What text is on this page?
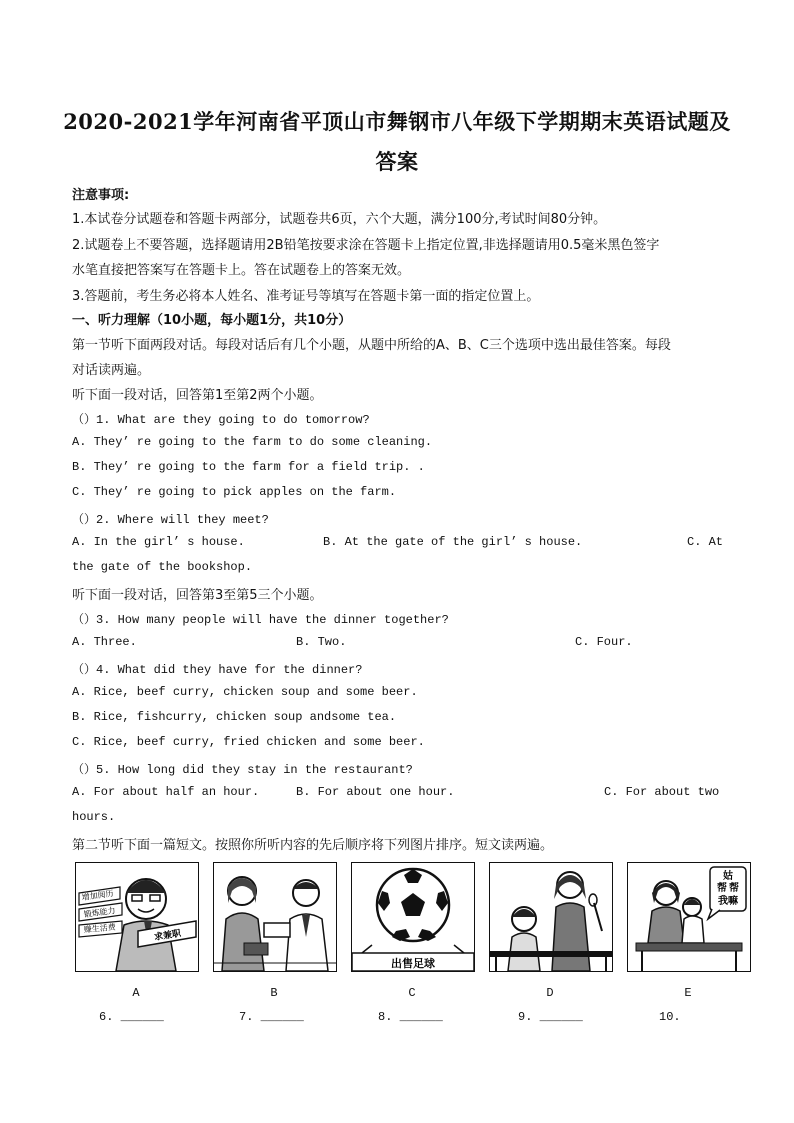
2020-2021学年河南省平顶山市舞钢市八年级下学期期末英语试题及
答案
注意事项:
1.本试卷分试题卷和答题卡两部分，试题卷共6页，六个大题，满分100分,考试时间80分钟。
2.试题卷上不要答题，选择题请用2B铅笔按要求涂在答题卡上指定位置,非选择题请用0.5毫米黑色签字
水笔直接把答案写在答题卡上。答在试题卷上的答案无效。
3.答题前，考生务必将本人姓名、准考证号等填写在答题卡第一面的指定位置上。
一、听力理解（10小题，每小题1分，共10分）
第一节听下面两段对话。每段对话后有几个小题，从题中所给的A、B、C三个选项中选出最佳答案。每段
对话读两遍。
听下面一段对话，回答第1至第2两个小题。
（）1. What are they going to do tomorrow?
A. They’ re going to the farm to do some cleaning.
B. They’ re going to the farm for a field trip. .
C. They’ re going to pick apples on the farm.
（）2. Where will they meet?
A. In the girl’ s house.	B. At the gate of the girl’ s house.	C. At
the gate of the bookshop.
听下面一段对话，回答第3至第5三个小题。
（）3. How many people will have the dinner together?
A. Three.	B. Two.	C. Four.
（）4. What did they have for the dinner?
A. Rice, beef curry, chicken soup and some beer.
B. Rice, fishcurry, chicken soup andsome tea.
C. Rice, beef curry, fried chicken and some beer.
（）5. How long did they stay in the restaurant?
A. For about half an hour.	B. For about one hour.	C. For about two
hours.
第二节听下面一篇短文。按照你所听内容的先后顺序将下列图片排序。短文读两遍。
增加阅历
锻炼能力
赚生活费
求兼职
出售足球
姑
帮 帮
我嘛
A	B	C	D	E
6. ______	7. ______	8. ______	9. ______	10.
